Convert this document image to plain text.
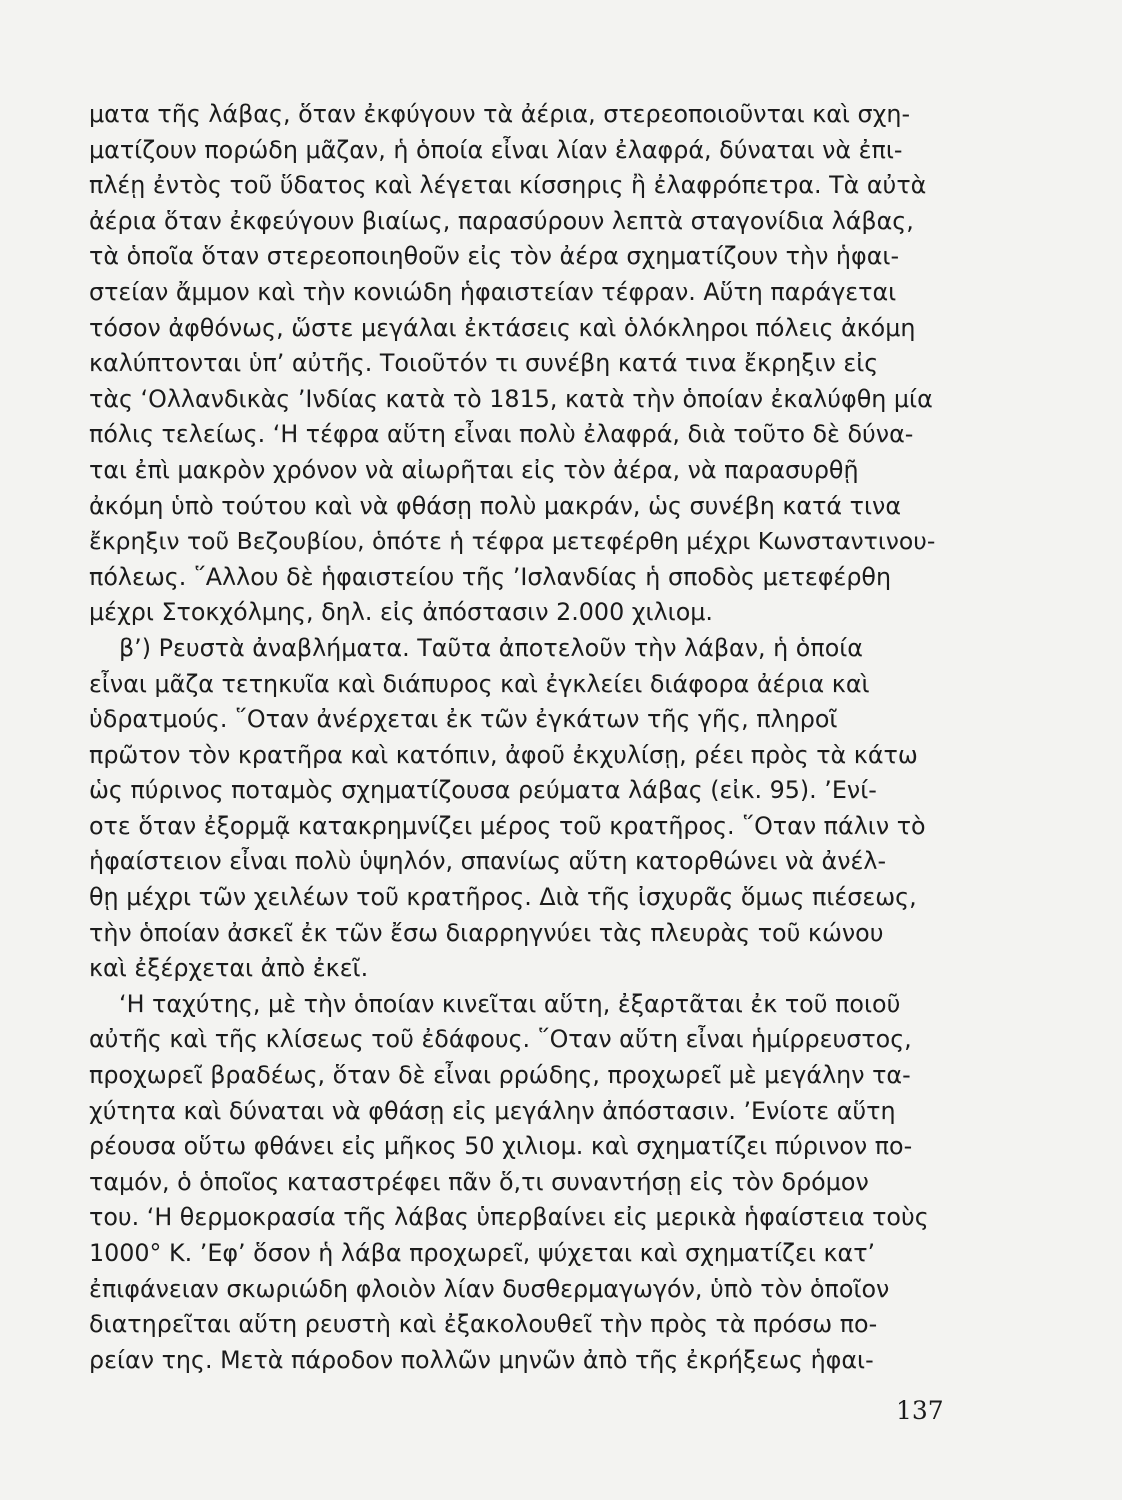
ματα τῆς λάβας, ὅταν ἐκφύγουν τὰ ἀέρια, στερεοποιοῦνται καὶ σχη-
ματίζουν πορώδη μᾶζαν, ἡ ὁποία εἶναι λίαν ἐλαφρά, δύναται νὰ ἐπι-
πλέῃ ἐντὸς τοῦ ὕδατος καὶ λέγεται κίσσηρις ἢ ἐλαφρόπετρα. Τὰ αὐτὰ
ἀέρια ὅταν ἐκφεύγουν βιαίως, παρασύρουν λεπτὰ σταγονίδια λάβας,
τὰ ὁποῖα ὅταν στερεοποιηθοῦν εἰς τὸν ἀέρα σχηματίζουν τὴν ἡφαι-
στείαν ἄμμον καὶ τὴν κονιώδη ἡφαιστείαν τέφραν. Αὕτη παράγεται
τόσον ἀφθόνως, ὥστε μεγάλαι ἐκτάσεις καὶ ὁλόκληροι πόλεις ἀκόμη
καλύπτονται ὑπ’ αὐτῆς. Τοιοῦτόν τι συνέβη κατά τινα ἔκρηξιν εἰς
τὰς ‘Ολλανδικὰς ’Ινδίας κατὰ τὸ 1815, κατὰ τὴν ὁποίαν ἐκαλύφθη μία
πόλις τελείως. ‘Η τέφρα αὕτη εἶναι πολὺ ἐλαφρά, διὰ τοῦτο δὲ δύνα-
ται ἐπὶ μακρὸν χρόνον νὰ αἰωρῆται εἰς τὸν ἀέρα, νὰ παρασυρθῇ
ἀκόμη ὑπὸ τούτου καὶ νὰ φθάσῃ πολὺ μακράν, ὡς συνέβη κατά τινα
ἔκρηξιν τοῦ Βεζουβίου, ὁπότε ἡ τέφρα μετεφέρθη μέχρι Κωνσταντινου-
πόλεως. ῞Αλλου δὲ ἡφαιστείου τῆς ’Ισλανδίας ἡ σποδὸς μετεφέρθη
μέχρι Στοκχόλμης, δηλ. εἰς ἀπόστασιν 2.000 χιλιομ.
β’) Ρευστὰ ἀναβλήματα. Ταῦτα ἀποτελοῦν τὴν λάβαν, ἡ ὁποία
εἶναι μᾶζα τετηκυῖα καὶ διάπυρος καὶ ἐγκλείει διάφορα ἀέρια καὶ
ὑδρατμούς. ῞Οταν ἀνέρχεται ἐκ τῶν ἐγκάτων τῆς γῆς, πληροῖ
πρῶτον τὸν κρατῆρα καὶ κατόπιν, ἀφοῦ ἐκχυλίσῃ, ρέει πρὸς τὰ κάτω
ὡς πύρινος ποταμὸς σχηματίζουσα ρεύματα λάβας (εἰκ. 95). ’Ενί-
οτε ὅταν ἐξορμᾷ κατακρημνίζει μέρος τοῦ κρατῆρος. ῞Οταν πάλιν τὸ
ἡφαίστειον εἶναι πολὺ ὑψηλόν, σπανίως αὕτη κατορθώνει νὰ ἀνέλ-
θῃ μέχρι τῶν χειλέων τοῦ κρατῆρος. Διὰ τῆς ἰσχυρᾶς ὅμως πιέσεως,
τὴν ὁποίαν ἀσκεῖ ἐκ τῶν ἔσω διαρρηγνύει τὰς πλευρὰς τοῦ κώνου
καὶ ἐξέρχεται ἀπὸ ἐκεῖ.
‘Η ταχύτης, μὲ τὴν ὁποίαν κινεῖται αὕτη, ἐξαρτᾶται ἐκ τοῦ ποιοῦ
αὐτῆς καὶ τῆς κλίσεως τοῦ ἐδάφους. ῞Οταν αὕτη εἶναι ἡμίρρευστος,
προχωρεῖ βραδέως, ὅταν δὲ εἶναι ρρώδης, προχωρεῖ μὲ μεγάλην τα-
χύτητα καὶ δύναται νὰ φθάσῃ εἰς μεγάλην ἀπόστασιν. ’Ενίοτε αὕτη
ρέουσα οὕτω φθάνει εἰς μῆκος 50 χιλιομ. καὶ σχηματίζει πύρινον πο-
ταμόν, ὁ ὁποῖος καταστρέφει πᾶν ὅ,τι συναντήσῃ εἰς τὸν δρόμον
του. ‘Η θερμοκρασία τῆς λάβας ὑπερβαίνει εἰς μερικὰ ἡφαίστεια τοὺς
1000° Κ. ’Εφ’ ὅσον ἡ λάβα προχωρεῖ, ψύχεται καὶ σχηματίζει κατ’
ἐπιφάνειαν σκωριώδη φλοιὸν λίαν δυσθερμαγωγόν, ὑπὸ τὸν ὁποῖον
διατηρεῖται αὕτη ρευστὴ καὶ ἐξακολουθεῖ τὴν πρὸς τὰ πρόσω πο-
ρείαν της. Μετὰ πάροδον πολλῶν μηνῶν ἀπὸ τῆς ἐκρήξεως ἡφαι-
137
